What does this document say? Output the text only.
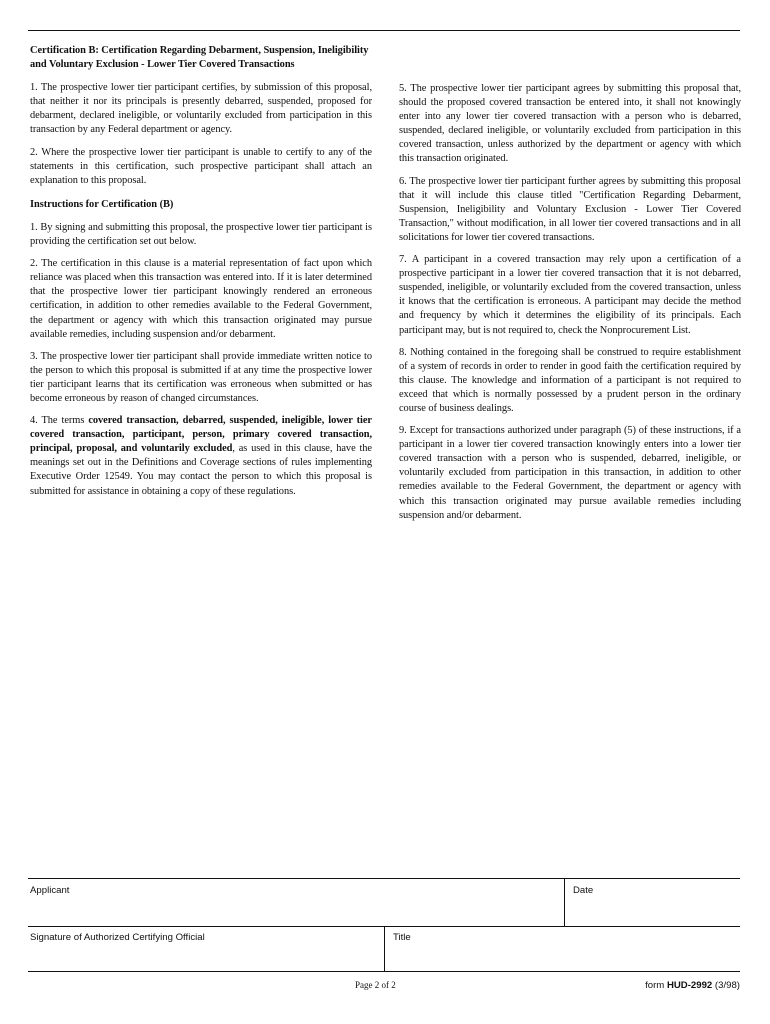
Certification B: Certification Regarding Debarment, Suspension, Ineligibility and Voluntary Exclusion - Lower Tier Covered Transactions

1. The prospective lower tier participant certifies, by submission of this proposal, that neither it nor its principals is presently debarred, suspended, proposed for debarment, declared ineligible, or voluntarily excluded from participation in this transaction by any Federal department or agency.

2. Where the prospective lower tier participant is unable to certify to any of the statements in this certification, such prospective participant shall attach an explanation to this proposal.

Instructions for Certification (B)

1. By signing and submitting this proposal, the prospective lower tier participant is providing the certification set out below.

2. The certification in this clause is a material representation of fact upon which reliance was placed when this transaction was entered into. If it is later determined that the prospective lower tier participant knowingly rendered an erroneous certification, in addition to other remedies available to the Federal Government, the department or agency with which this transaction originated may pursue available remedies, including suspension and/or debarment.

3. The prospective lower tier participant shall provide immediate written notice to the person to which this proposal is submitted if at any time the prospective lower tier participant learns that its certification was erroneous when submitted or has become erroneous by reason of changed circumstances.

4. The terms covered transaction, debarred, suspended, ineligible, lower tier covered transaction, participant, person, primary covered transaction, principal, proposal, and voluntarily excluded, as used in this clause, have the meanings set out in the Definitions and Coverage sections of rules implementing Executive Order 12549. You may contact the person to which this proposal is submitted for assistance in obtaining a copy of these regulations.

5. The prospective lower tier participant agrees by submitting this proposal that, should the proposed covered transaction be entered into, it shall not knowingly enter into any lower tier covered transaction with a person who is debarred, suspended, declared ineligible, or voluntarily excluded from participation in this covered transaction, unless authorized by the department or agency with which this transaction originated.

6. The prospective lower tier participant further agrees by submitting this proposal that it will include this clause titled "Certification Regarding Debarment, Suspension, Ineligibility and Voluntary Exclusion - Lower Tier Covered Transaction," without modification, in all lower tier covered transactions and in all solicitations for lower tier covered transactions.

7. A participant in a covered transaction may rely upon a certification of a prospective participant in a lower tier covered transaction that it is not debarred, suspended, ineligible, or voluntarily excluded from the covered transaction, unless it knows that the certification is erroneous. A participant may decide the method and frequency by which it determines the eligibility of its principals. Each participant may, but is not required to, check the Nonprocurement List.

8. Nothing contained in the foregoing shall be construed to require establishment of a system of records in order to render in good faith the certification required by this clause. The knowledge and information of a participant is not required to exceed that which is normally possessed by a prudent person in the ordinary course of business dealings.

9. Except for transactions authorized under paragraph (5) of these instructions, if a participant in a lower tier covered transaction knowingly enters into a lower tier covered transaction with a person who is suspended, debarred, ineligible, or voluntarily excluded from participation in this transaction, in addition to other remedies available to the Federal Government, the department or agency with which this transaction originated may pursue available remedies including suspension and/or debarment.

Applicant	Date
Signature of Authorized Certifying Official	Title
Page 2 of 2	form HUD-2992 (3/98)
